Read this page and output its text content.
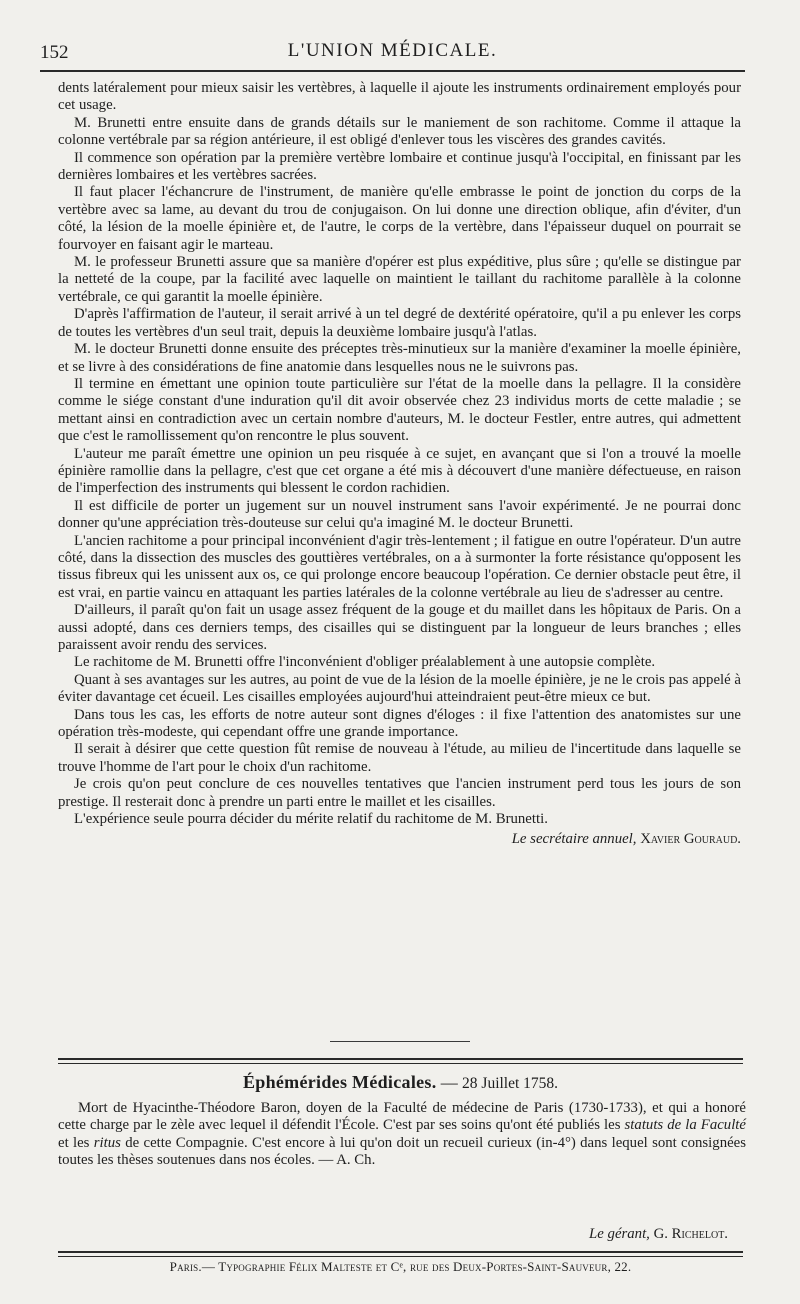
152	L'UNION MÉDICALE.

dents latéralement pour mieux saisir les vertèbres, à laquelle il ajoute les instruments ordinairement employés pour cet usage.

M. Brunetti entre ensuite dans de grands détails sur le maniement de son rachitome. Comme il attaque la colonne vertébrale par sa région antérieure, il est obligé d'enlever tous les viscères des grandes cavités.

Il commence son opération par la première vertèbre lombaire et continue jusqu'à l'occipital, en finissant par les dernières lombaires et les vertèbres sacrées.

Il faut placer l'échancrure de l'instrument, de manière qu'elle embrasse le point de jonction du corps de la vertèbre avec sa lame, au devant du trou de conjugaison. On lui donne une direction oblique, afin d'éviter, d'un côté, la lésion de la moelle épinière et, de l'autre, le corps de la vertèbre, dans l'épaisseur duquel on pourrait se fourvoyer en faisant agir le marteau.

M. le professeur Brunetti assure que sa manière d'opérer est plus expéditive, plus sûre ; qu'elle se distingue par la netteté de la coupe, par la facilité avec laquelle on maintient le taillant du rachitome parallèle à la colonne vertébrale, ce qui garantit la moelle épinière.

D'après l'affirmation de l'auteur, il serait arrivé à un tel degré de dextérité opératoire, qu'il a pu enlever les corps de toutes les vertèbres d'un seul trait, depuis la deuxième lombaire jusqu'à l'atlas.

M. le docteur Brunetti donne ensuite des préceptes très-minutieux sur la manière d'examiner la moelle épinière, et se livre à des considérations de fine anatomie dans lesquelles nous ne le suivrons pas.

Il termine en émettant une opinion toute particulière sur l'état de la moelle dans la pellagre. Il la considère comme le siége constant d'une induration qu'il dit avoir observée chez 23 individus morts de cette maladie ; se mettant ainsi en contradiction avec un certain nombre d'auteurs, M. le docteur Festler, entre autres, qui admettent que c'est le ramollissement qu'on rencontre le plus souvent.

L'auteur me paraît émettre une opinion un peu risquée à ce sujet, en avançant que si l'on a trouvé la moelle épinière ramollie dans la pellagre, c'est que cet organe a été mis à découvert d'une manière défectueuse, en raison de l'imperfection des instruments qui blessent le cordon rachidien.

Il est difficile de porter un jugement sur un nouvel instrument sans l'avoir expérimenté. Je ne pourrai donc donner qu'une appréciation très-douteuse sur celui qu'a imaginé M. le docteur Brunetti.

L'ancien rachitome a pour principal inconvénient d'agir très-lentement ; il fatigue en outre l'opérateur. D'un autre côté, dans la dissection des muscles des gouttières vertébrales, on a à surmonter la forte résistance qu'opposent les tissus fibreux qui les unissent aux os, ce qui prolonge encore beaucoup l'opération. Ce dernier obstacle peut être, il est vrai, en partie vaincu en attaquant les parties latérales de la colonne vertébrale au lieu de s'adresser au centre.

D'ailleurs, il paraît qu'on fait un usage assez fréquent de la gouge et du maillet dans les hôpitaux de Paris. On a aussi adopté, dans ces derniers temps, des cisailles qui se distinguent par la longueur de leurs branches ; elles paraissent avoir rendu des services.

Le rachitome de M. Brunetti offre l'inconvénient d'obliger préalablement à une autopsie complète.

Quant à ses avantages sur les autres, au point de vue de la lésion de la moelle épinière, je ne le crois pas appelé à éviter davantage cet écueil. Les cisailles employées aujourd'hui atteindraient peut-être mieux ce but.

Dans tous les cas, les efforts de notre auteur sont dignes d'éloges : il fixe l'attention des anatomistes sur une opération très-modeste, qui cependant offre une grande importance.

Il serait à désirer que cette question fût remise de nouveau à l'étude, au milieu de l'incertitude dans laquelle se trouve l'homme de l'art pour le choix d'un rachitome.

Je crois qu'on peut conclure de ces nouvelles tentatives que l'ancien instrument perd tous les jours de son prestige. Il resterait donc à prendre un parti entre le maillet et les cisailles.

L'expérience seule pourra décider du mérite relatif du rachitome de M. Brunetti.

Le secrétaire annuel, Xavier Gouraud.
Éphémérides Médicales. — 28 Juillet 1758.

Mort de Hyacinthe-Théodore Baron, doyen de la Faculté de médecine de Paris (1730-1733), et qui a honoré cette charge par le zèle avec lequel il défendit l'École. C'est par ses soins qu'ont été publiés les statuts de la Faculté et les ritus de cette Compagnie. C'est encore à lui qu'on doit un recueil curieux (in-4°) dans lequel sont consignées toutes les thèses soutenues dans nos écoles. — A. Ch.

Le gérant, G. Richelot.
Paris.— Typographie Félix Malteste et Cᵉ, rue des Deux-Portes-Saint-Sauveur, 22.
